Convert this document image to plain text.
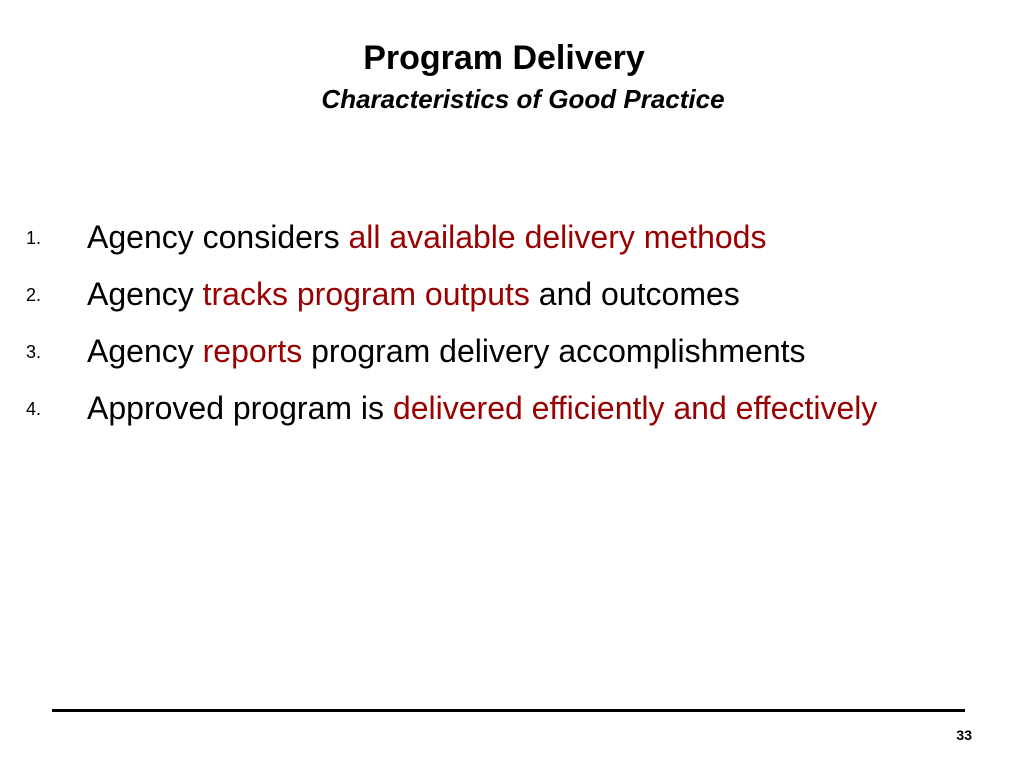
Program Delivery
Characteristics of Good Practice
1. Agency considers all available delivery methods
2. Agency tracks program outputs and outcomes
3. Agency reports program delivery accomplishments
4. Approved program is delivered efficiently and effectively
33
